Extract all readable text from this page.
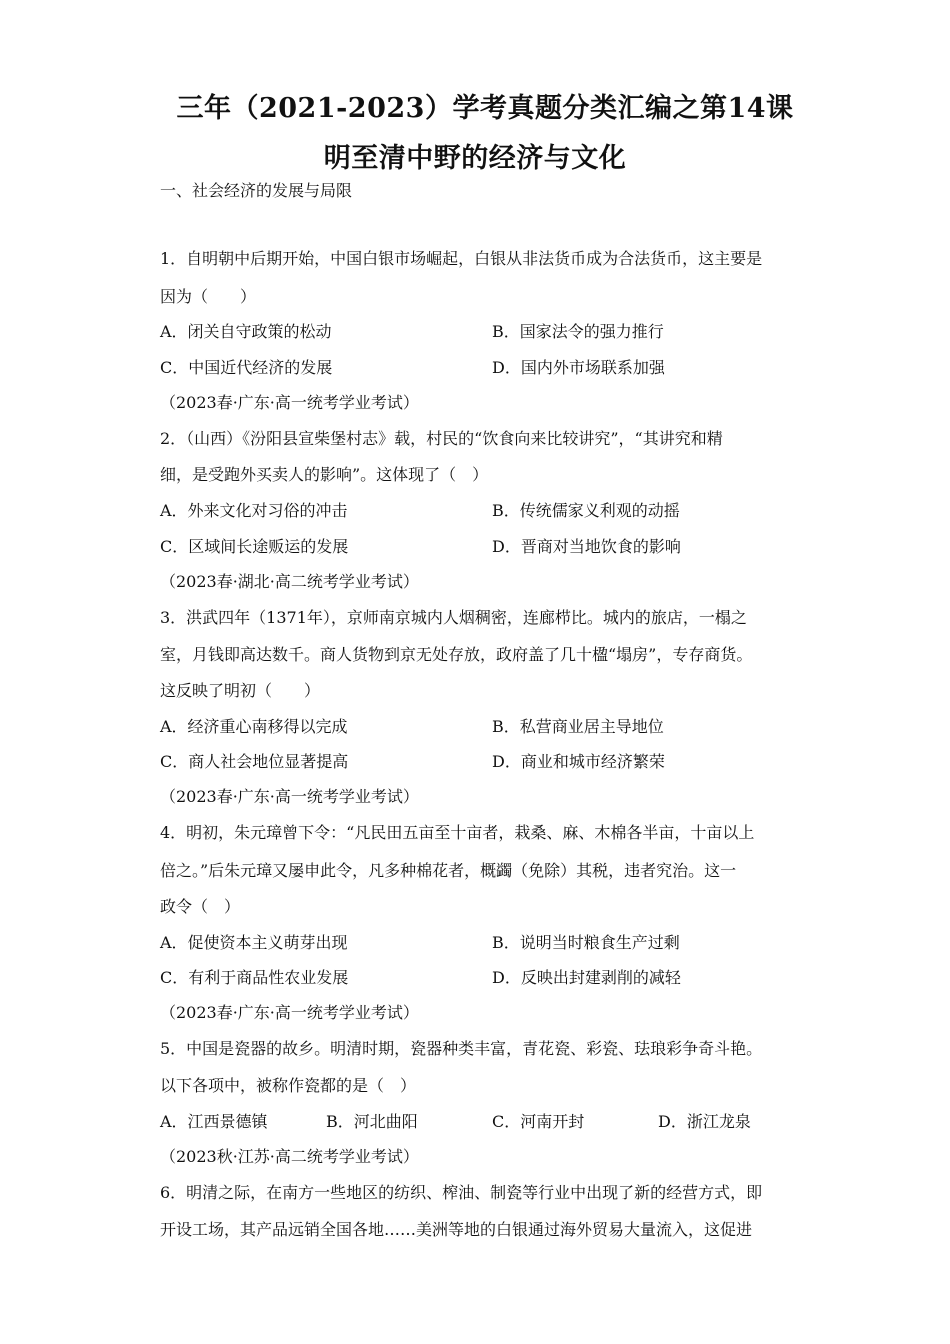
三年（2021-2023）学考真题分类汇编之第14课
明至清中野的经济与文化
一、社会经济的发展与局限
1．自明朝中后期开始，中国白银市场崛起，白银从非法货币成为合法货币，这主要是
因为（　　）
A．闭关自守政策的松动	B．国家法令的强力推行
C．中国近代经济的发展	D．国内外市场联系加强
（2023春·广东·高一统考学业考试）
2．（山西）《汾阳县宣柴堡村志》载，村民的“饮食向来比较讲究”，“其讲究和精
细，是受跑外买卖人的影响”。这体现了（　）
A．外来文化对习俗的冲击	B．传统儒家义利观的动摇
C．区域间长途贩运的发展	D．晋商对当地饮食的影响
（2023春·湖北·高二统考学业考试）
3．洪武四年（1371年），京师南京城内人烟稠密，连廊栉比。城内的旅店，一榻之
室，月钱即高达数千。商人货物到京无处存放，政府盖了几十楹“塌房”，专存商货。
这反映了明初（　　）
A．经济重心南移得以完成	B．私营商业居主导地位
C．商人社会地位显著提高	D．商业和城市经济繁荣
（2023春·广东·高一统考学业考试）
4．明初，朱元璋曾下令：“凡民田五亩至十亩者，栽桑、麻、木棉各半亩，十亩以上
倍之。”后朱元璋又屡申此令，凡多种棉花者，概蠲（免除）其税，违者究治。这一
政令（　）
A．促使资本主义萌芽出现	B．说明当时粮食生产过剩
C．有利于商品性农业发展	D．反映出封建剥削的减轻
（2023春·广东·高一统考学业考试）
5．中国是瓷器的故乡。明清时期，瓷器种类丰富，青花瓷、彩瓷、珐琅彩争奇斗艳。
以下各项中，被称作瓷都的是（　）
A．江西景德镇	B．河北曲阳	C．河南开封	D．浙江龙泉
（2023秋·江苏·高二统考学业考试）
6．明清之际，在南方一些地区的纺织、榨油、制瓷等行业中出现了新的经营方式，即
开设工场，其产品远销全国各地……美洲等地的白银通过海外贸易大量流入，这促进
